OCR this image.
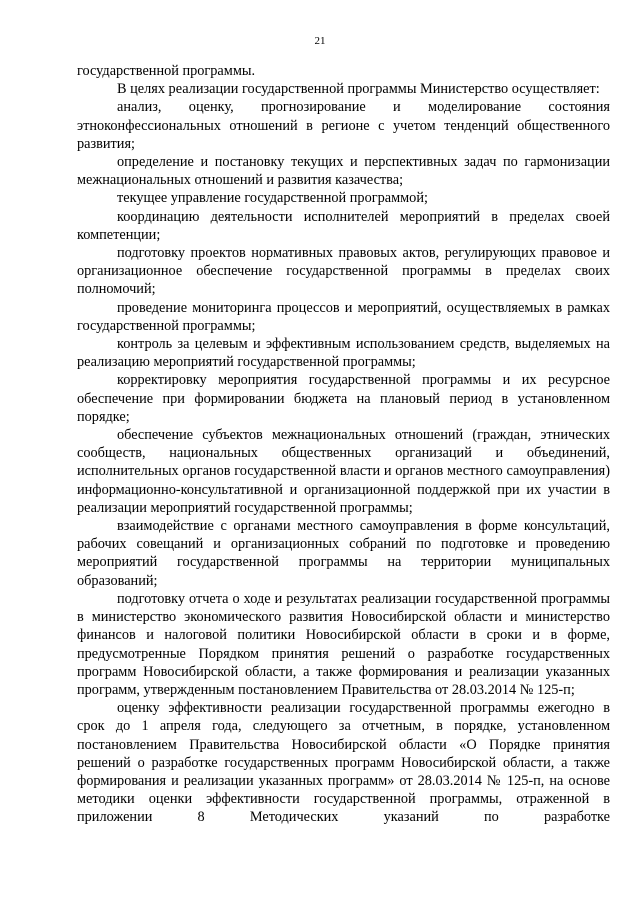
21

государственной программы.

В целях реализации государственной программы Министерство осуществляет:

анализ, оценку, прогнозирование и моделирование состояния этноконфессиональных отношений в регионе с учетом тенденций общественного развития;

определение и постановку текущих и перспективных задач по гармонизации межнациональных отношений и развития казачества;

текущее управление государственной программой;

координацию деятельности исполнителей мероприятий в пределах своей компетенции;

подготовку проектов нормативных правовых актов, регулирующих правовое и организационное обеспечение государственной программы в пределах своих полномочий;

проведение мониторинга процессов и мероприятий, осуществляемых в рамках государственной программы;

контроль за целевым и эффективным использованием средств, выделяемых на реализацию мероприятий государственной программы;

корректировку мероприятия государственной программы и их ресурсное обеспечение при формировании бюджета на плановый период в установленном порядке;

обеспечение субъектов межнациональных отношений (граждан, этнических сообществ, национальных общественных организаций и объединений, исполнительных органов государственной власти и органов местного самоуправления) информационно-консультативной и организационной поддержкой при их участии в реализации мероприятий государственной программы;

взаимодействие с органами местного самоуправления в форме консультаций, рабочих совещаний и организационных собраний по подготовке и проведению мероприятий государственной программы на территории муниципальных образований;

подготовку отчета о ходе и результатах реализации государственной программы в министерство экономического развития Новосибирской области и министерство финансов и налоговой политики Новосибирской области в сроки и в форме, предусмотренные Порядком принятия решений о разработке государственных программ Новосибирской области, а также формирования и реализации указанных программ, утвержденным постановлением Правительства от 28.03.2014 № 125-п;

оценку эффективности реализации государственной программы ежегодно в срок до 1 апреля года, следующего за отчетным, в порядке, установленном постановлением Правительства Новосибирской области «О Порядке принятия решений о разработке государственных программ Новосибирской области, а также формирования и реализации указанных программ» от 28.03.2014 № 125-п, на основе методики оценки эффективности государственной программы, отраженной в приложении 8 Методических указаний по разработке
